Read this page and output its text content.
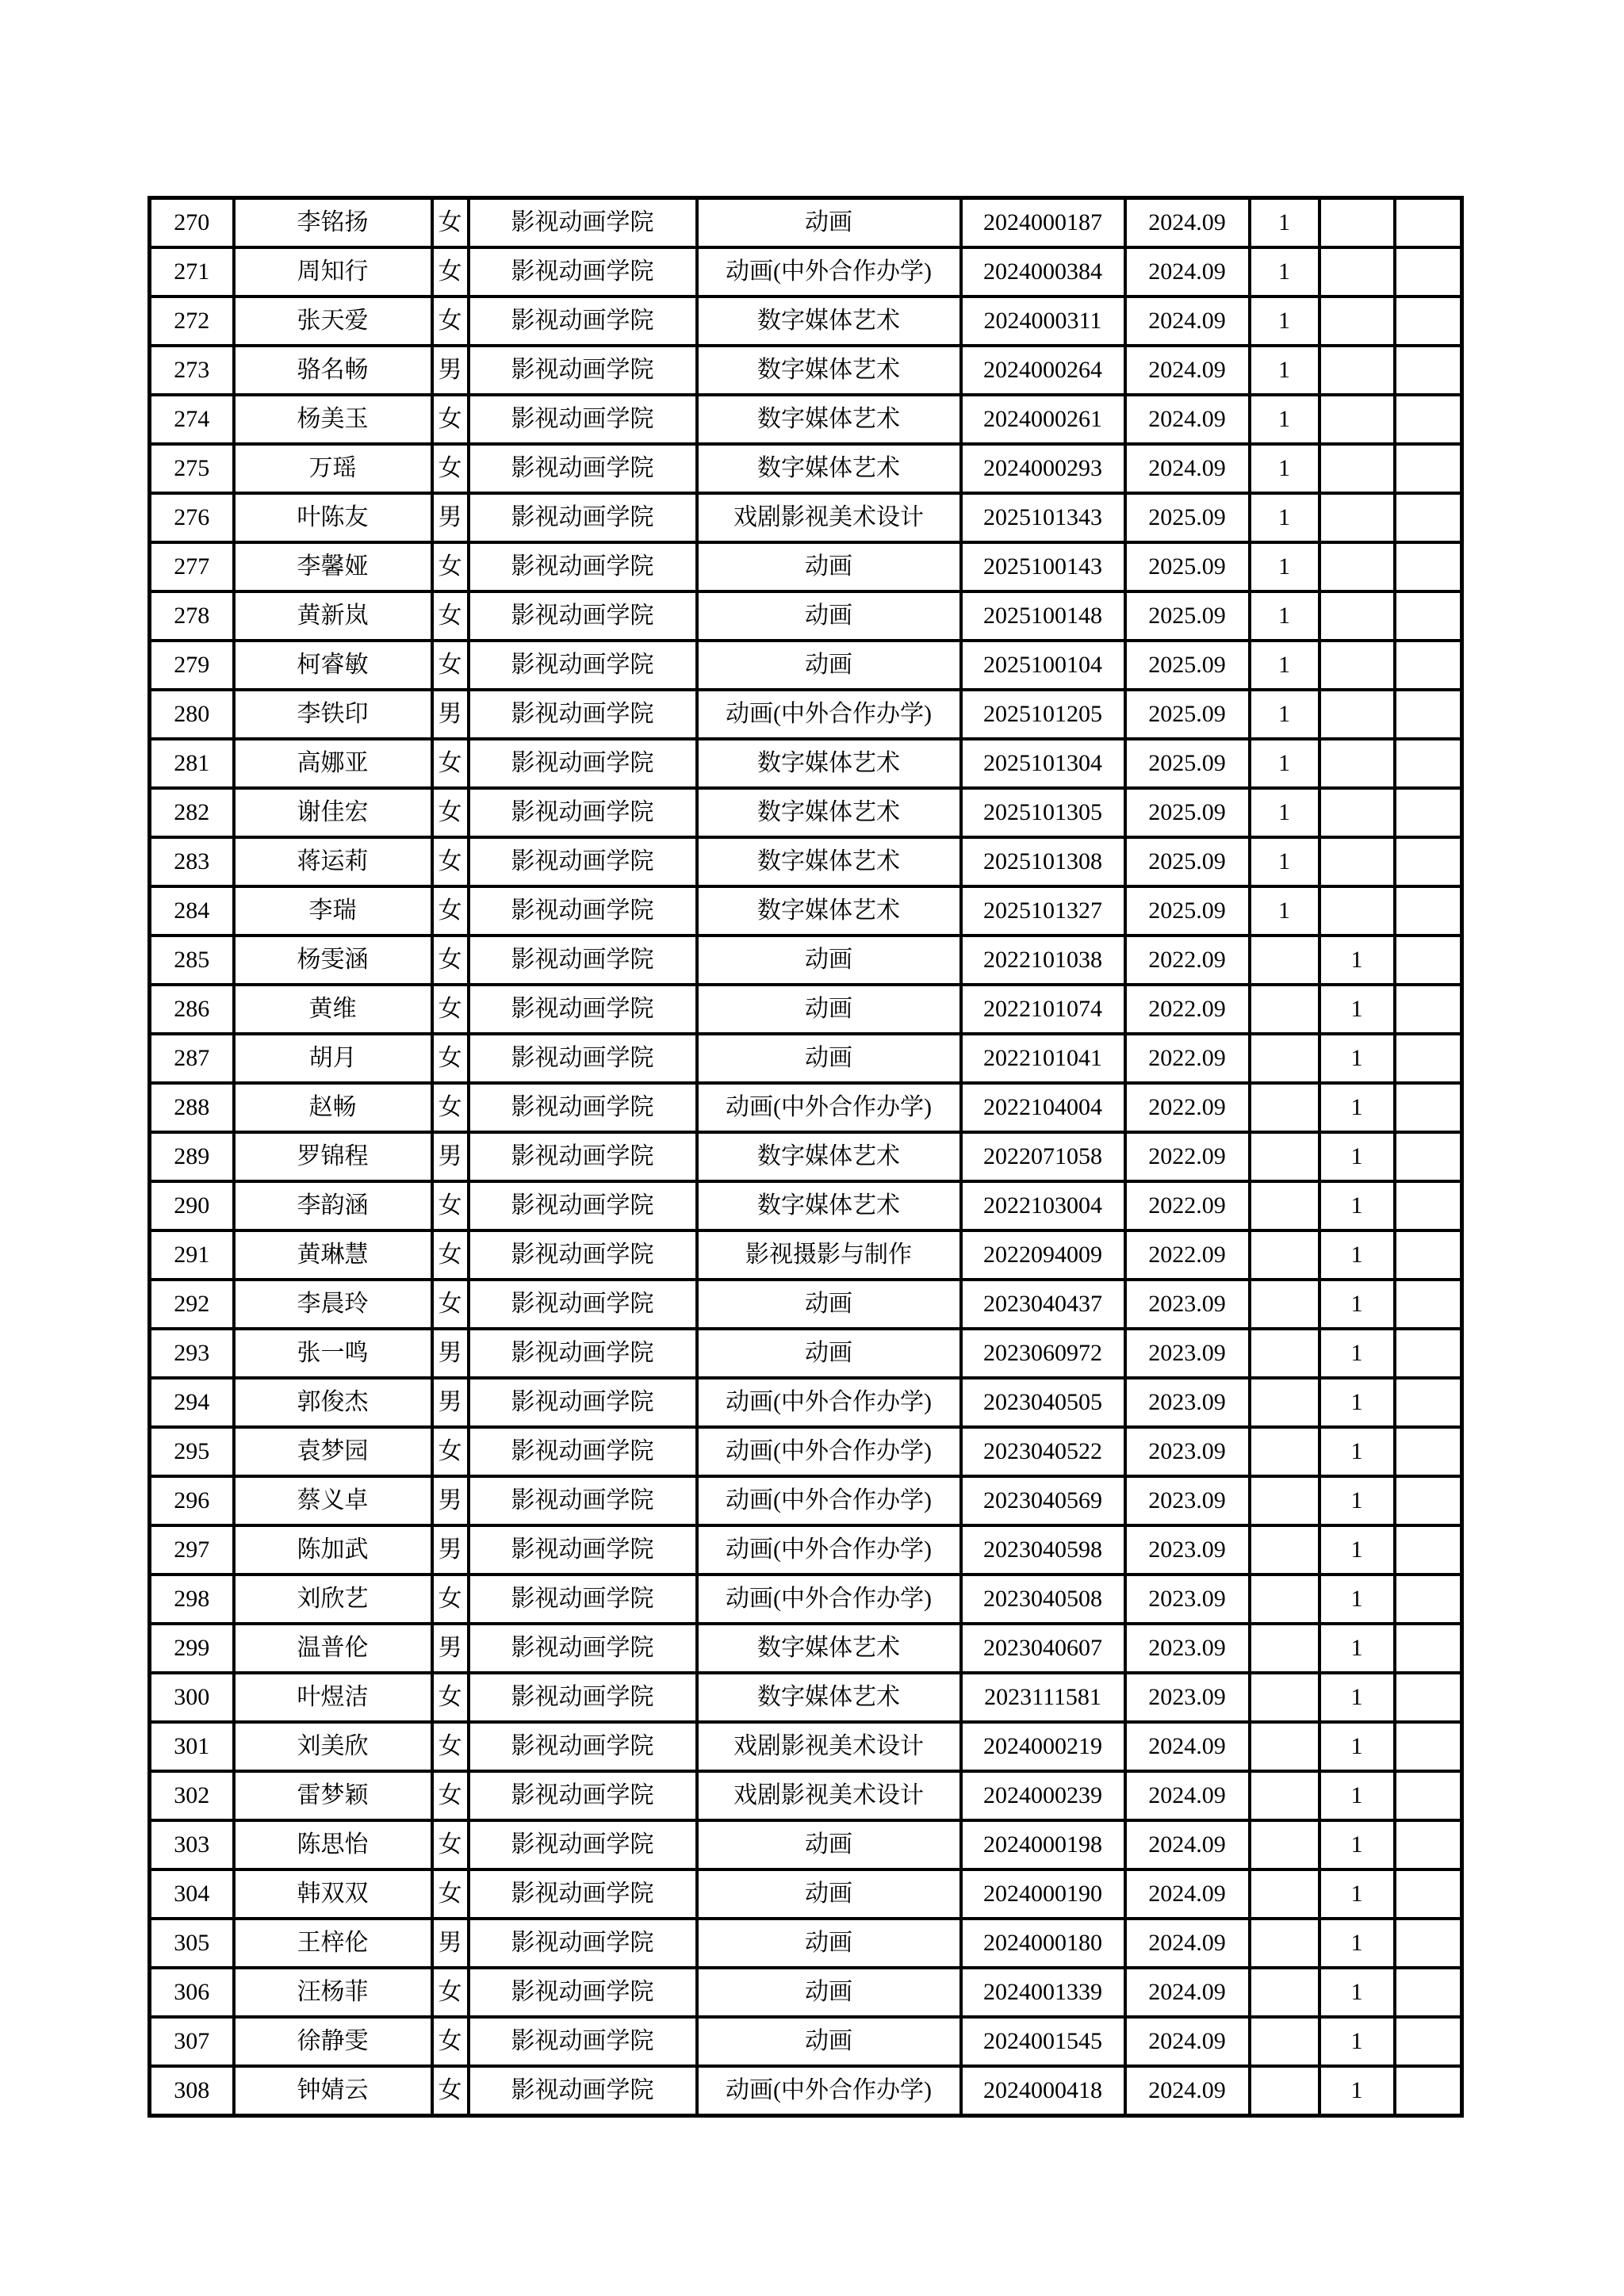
270	李铭扬	女	影视动画学院	动画	2024000187	2024.09	1		
271	周知行	女	影视动画学院	动画(中外合作办学)	2024000384	2024.09	1		
272	张天爱	女	影视动画学院	数字媒体艺术	2024000311	2024.09	1		
273	骆名畅	男	影视动画学院	数字媒体艺术	2024000264	2024.09	1		
274	杨美玉	女	影视动画学院	数字媒体艺术	2024000261	2024.09	1		
275	万瑶	女	影视动画学院	数字媒体艺术	2024000293	2024.09	1		
276	叶陈友	男	影视动画学院	戏剧影视美术设计	2025101343	2025.09	1		
277	李馨娅	女	影视动画学院	动画	2025100143	2025.09	1		
278	黄新岚	女	影视动画学院	动画	2025100148	2025.09	1		
279	柯睿敏	女	影视动画学院	动画	2025100104	2025.09	1		
280	李铁印	男	影视动画学院	动画(中外合作办学)	2025101205	2025.09	1		
281	高娜亚	女	影视动画学院	数字媒体艺术	2025101304	2025.09	1		
282	谢佳宏	女	影视动画学院	数字媒体艺术	2025101305	2025.09	1		
283	蒋运莉	女	影视动画学院	数字媒体艺术	2025101308	2025.09	1		
284	李瑞	女	影视动画学院	数字媒体艺术	2025101327	2025.09	1		
285	杨雯涵	女	影视动画学院	动画	2022101038	2022.09		1	
286	黄维	女	影视动画学院	动画	2022101074	2022.09		1	
287	胡月	女	影视动画学院	动画	2022101041	2022.09		1	
288	赵畅	女	影视动画学院	动画(中外合作办学)	2022104004	2022.09		1	
289	罗锦程	男	影视动画学院	数字媒体艺术	2022071058	2022.09		1	
290	李韵涵	女	影视动画学院	数字媒体艺术	2022103004	2022.09		1	
291	黄琳慧	女	影视动画学院	影视摄影与制作	2022094009	2022.09		1	
292	李晨玲	女	影视动画学院	动画	2023040437	2023.09		1	
293	张一鸣	男	影视动画学院	动画	2023060972	2023.09		1	
294	郭俊杰	男	影视动画学院	动画(中外合作办学)	2023040505	2023.09		1	
295	袁梦园	女	影视动画学院	动画(中外合作办学)	2023040522	2023.09		1	
296	蔡义卓	男	影视动画学院	动画(中外合作办学)	2023040569	2023.09		1	
297	陈加武	男	影视动画学院	动画(中外合作办学)	2023040598	2023.09		1	
298	刘欣艺	女	影视动画学院	动画(中外合作办学)	2023040508	2023.09		1	
299	温普伦	男	影视动画学院	数字媒体艺术	2023040607	2023.09		1	
300	叶煜洁	女	影视动画学院	数字媒体艺术	2023111581	2023.09		1	
301	刘美欣	女	影视动画学院	戏剧影视美术设计	2024000219	2024.09		1	
302	雷梦颖	女	影视动画学院	戏剧影视美术设计	2024000239	2024.09		1	
303	陈思怡	女	影视动画学院	动画	2024000198	2024.09		1	
304	韩双双	女	影视动画学院	动画	2024000190	2024.09		1	
305	王梓伦	男	影视动画学院	动画	2024000180	2024.09		1	
306	汪杨菲	女	影视动画学院	动画	2024001339	2024.09		1	
307	徐静雯	女	影视动画学院	动画	2024001545	2024.09		1	
308	钟婧云	女	影视动画学院	动画(中外合作办学)	2024000418	2024.09		1	
